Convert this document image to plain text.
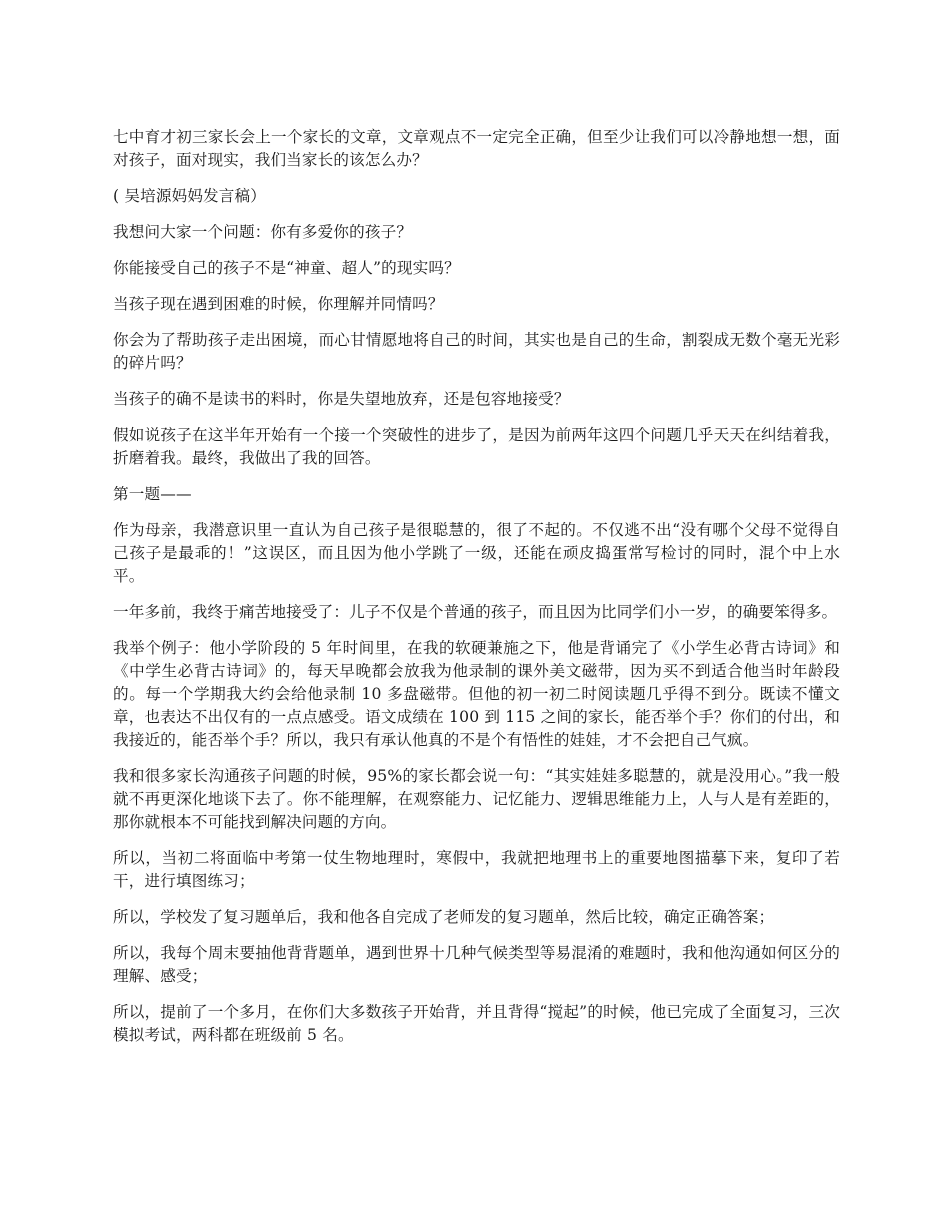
七中育才初三家长会上一个家长的文章，文章观点不一定完全正确，但至少让我们可以冷静地想一想，面对孩子，面对现实，我们当家长的该怎么办？

( 吴培源妈妈发言稿）

我想问大家一个问题：你有多爱你的孩子？

你能接受自己的孩子不是“神童、超人”的现实吗？

当孩子现在遇到困难的时候，你理解并同情吗？

你会为了帮助孩子走出困境，而心甘情愿地将自己的时间，其实也是自己的生命，割裂成无数个毫无光彩的碎片吗？

当孩子的确不是读书的料时，你是失望地放弃，还是包容地接受？

假如说孩子在这半年开始有一个接一个突破性的进步了，是因为前两年这四个问题几乎天天在纠结着我，折磨着我。最终，我做出了我的回答。

第一题——

作为母亲，我潜意识里一直认为自己孩子是很聪慧的，很了不起的。不仅逃不出“没有哪个父母不觉得自己孩子是最乖的！”这误区，而且因为他小学跳了一级，还能在顽皮捣蛋常写检讨的同时，混个中上水平。

一年多前，我终于痛苦地接受了：儿子不仅是个普通的孩子，而且因为比同学们小一岁，的确要笨得多。

我举个例子：他小学阶段的 5 年时间里，在我的软硬兼施之下，他是背诵完了《小学生必背古诗词》和《中学生必背古诗词》的，每天早晚都会放我为他录制的课外美文磁带，因为买不到适合他当时年龄段的。每一个学期我大约会给他录制 10 多盘磁带。但他的初一初二时阅读题几乎得不到分。既读不懂文章，也表达不出仅有的一点点感受。语文成绩在 100 到 115 之间的家长，能否举个手？你们的付出，和我接近的，能否举个手？所以，我只有承认他真的不是个有悟性的娃娃，才不会把自己气疯。

我和很多家长沟通孩子问题的时候，95%的家长都会说一句：“其实娃娃多聪慧的，就是没用心。”我一般就不再更深化地谈下去了。你不能理解，在观察能力、记忆能力、逻辑思维能力上，人与人是有差距的，那你就根本不可能找到解决问题的方向。

所以，当初二将面临中考第一仗生物地理时，寒假中，我就把地理书上的重要地图描摹下来，复印了若干，进行填图练习；

所以，学校发了复习题单后，我和他各自完成了老师发的复习题单，然后比较，确定正确答案；

所以，我每个周末要抽他背背题单，遇到世界十几种气候类型等易混淆的难题时，我和他沟通如何区分的理解、感受；

所以，提前了一个多月，在你们大多数孩子开始背，并且背得“搅起”的时候，他已完成了全面复习，三次模拟考试，两科都在班级前 5 名。
